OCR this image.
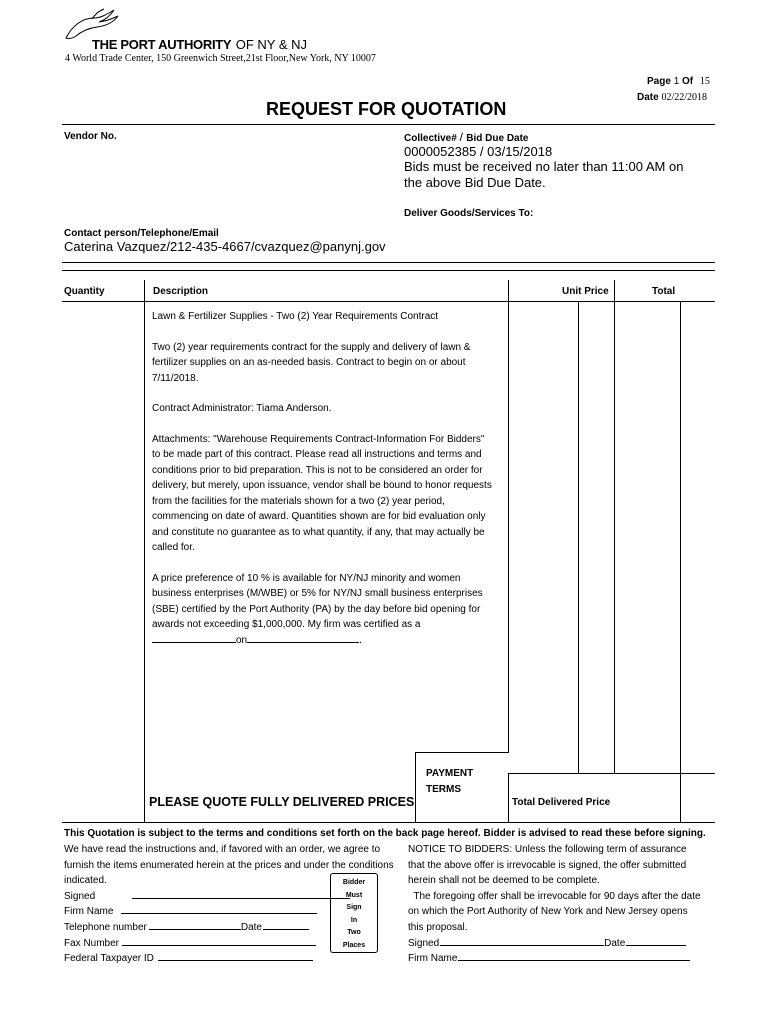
THE PORT AUTHORITY OF NY & NJ
4 World Trade Center, 150 Greenwich Street,21st Floor,New York, NY 10007
Page 1 Of 15
Date 02/22/2018
REQUEST FOR QUOTATION
Vendor No.	Collective# / Bid Due Date
0000052385 / 03/15/2018
Bids must be received no later than 11:00 AM on
the above Bid Due Date.
Deliver Goods/Services To:
Contact person/Telephone/Email
Caterina Vazquez/212-435-4667/cvazquez@panynj.gov
Quantity	Description	Unit Price	Total

Lawn & Fertilizer Supplies - Two (2) Year Requirements Contract

Two (2) year requirements contract for the supply and delivery of lawn & fertilizer supplies on an as-needed basis. Contract to begin on or about 7/11/2018.

Contract Administrator: Tiama Anderson.

Attachments: "Warehouse Requirements Contract-Information For Bidders" to be made part of this contract. Please read all instructions and terms and conditions prior to bid preparation. This is not to be considered an order for delivery, but merely, upon issuance, vendor shall be bound to honor requests from the facilities for the materials shown for a two (2) year period, commencing on date of award. Quantities shown are for bid evaluation only and constitute no guarantee as to what quantity, if any, that may actually be called for.

A price preference of 10 % is available for NY/NJ minority and women business enterprises (M/WBE) or 5% for NY/NJ small business enterprises (SBE) certified by the Port Authority (PA) by the day before bid opening for awards not exceeding $1,000,000. My firm was certified as a

on	.
PAYMENT
TERMS
PLEASE QUOTE FULLY DELIVERED PRICES	Total Delivered Price
This Quotation is subject to the terms and conditions set forth on the back page hereof. Bidder is advised to read these before signing.
We have read the instructions and, if favored with an order, we agree to
furnish the items enumerated herein at the prices and under the conditions
indicated.
Signed
Firm Name
Telephone number	Date
Fax Number
Federal Taxpayer ID
Bidder
Must
Sign
In
Two
Places
NOTICE TO BIDDERS: Unless the following term of assurance
that the above offer is irrevocable is signed, the offer submitted
herein shall not be deemed to be complete.
The foregoing offer shall be irrevocable for 90 days after the date
on which the Port Authority of New York and New Jersey opens
this proposal.
Signed	Date
Firm Name
